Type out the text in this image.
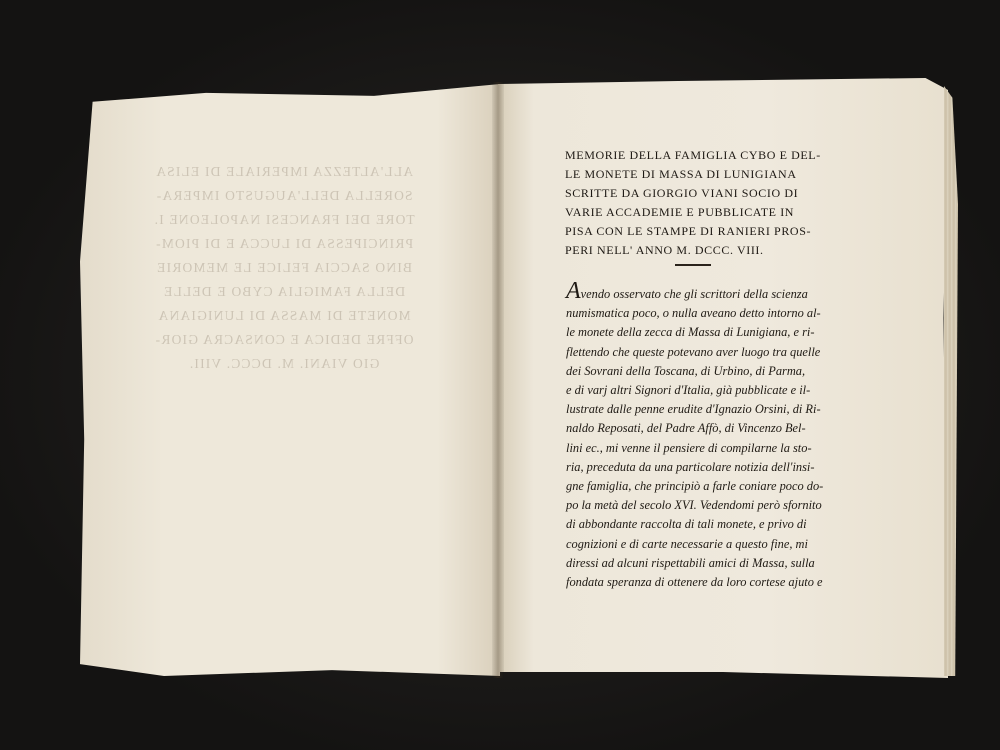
ALL'ALTEZZA IMPERIALE DI ELISA
SORELLA DELL'AUGUSTO IMPERA-
TORE DEI FRANCESI NAPOLEONE I.
PRINCIPESSA DI LUCCA E DI PIOM-
BINO SACCIA FELICE LE MEMORIE
DELLA FAMIGLIA CYBO E DELLE
MONETE DI MASSA DI LUNIGIANA
OFFRE DEDICA E CONSACRA GIOR-
GIO VIANI. M. DCCC. VIII.
MEMORIE DELLA FAMIGLIA CYBO E DEL-
LE MONETE DI MASSA DI LUNIGIANA
SCRITTE DA GIORGIO VIANI SOCIO DI
VARIE ACCADEMIE E PUBBLICATE IN
PISA CON LE STAMPE DI RANIERI PROS-
PERI NELL' ANNO M. DCCC. VIII.
Avendo osservato che gli scrittori della scienza
numismatica poco, o nulla aveano detto intorno al-
le monete della zecca di Massa di Lunigiana, e ri-
flettendo che queste potevano aver luogo tra quelle
dei Sovrani della Toscana, di Urbino, di Parma,
e di varj altri Signori d'Italia, già pubblicate e il-
lustrate dalle penne erudite d'Ignazio Orsini, di Ri-
naldo Reposati, del Padre Affò, di Vincenzo Bel-
lini ec., mi venne il pensiere di compilarne la sto-
ria, preceduta da una particolare notizia dell'insi-
gne famiglia, che principiò a farle coniare poco do-
po la metà del secolo XVI. Vedendomi però sfornito
di abbondante raccolta di tali monete, e privo di
cognizioni e di carte necessarie a questo fine, mi
diressi ad alcuni rispettabili amici di Massa, sulla
fondata speranza di ottenere da loro cortese ajuto e
